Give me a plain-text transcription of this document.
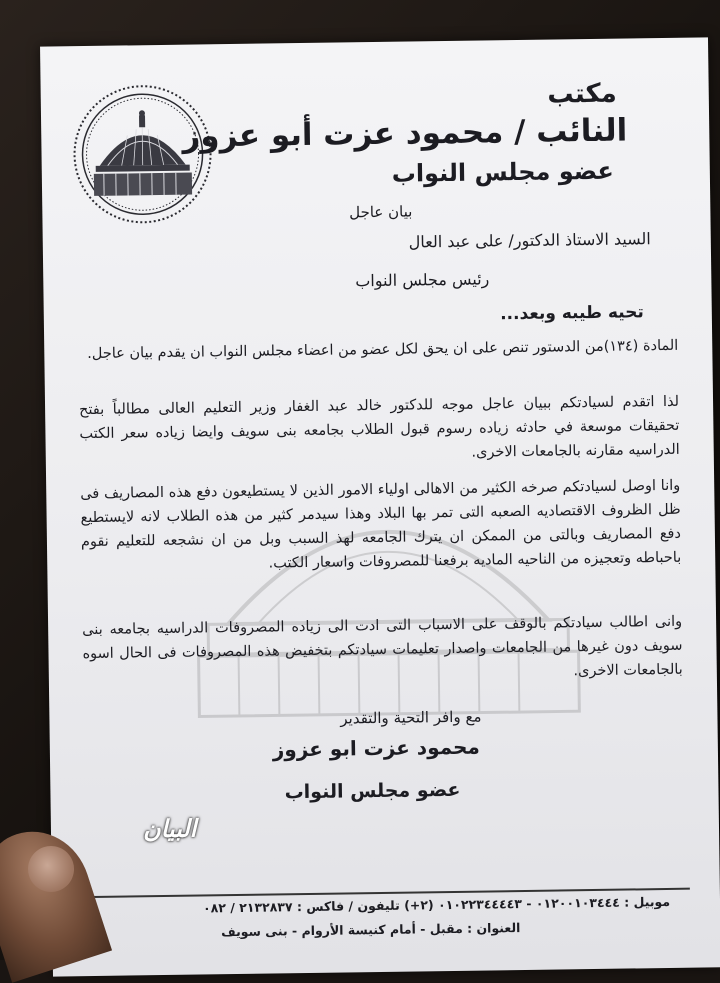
مكتب
النائب / محمود عزت أبو عزوز
عضو مجلس النواب
بيان عاجل
السيد الاستاذ الدكتور/ على عبد العال
رئيس مجلس النواب
تحيه طيبه وبعد...
المادة (١٣٤)من الدستور تنص على ان يحق لكل عضو من اعضاء مجلس النواب ان يقدم بيان عاجل.
لذا اتقدم لسيادتكم ببيان عاجل موجه للدكتور خالد عبد الغفار وزير التعليم العالى مطالباً بفتح تحقيقات موسعة في حادثه زياده رسوم قبول الطلاب بجامعه بنى سويف وايضا زياده سعر الكتب الدراسيه مقارنه بالجامعات الاخرى.
وانا اوصل لسيادتكم صرخه الكثير من الاهالى اولياء الامور الذين لا يستطيعون دفع هذه المصاريف فى ظل الظروف الاقتصاديه الصعبه التى تمر بها البلاد وهذا سيدمر كثير من هذه الطلاب لانه لايستطيع دفع المصاريف وبالتى من الممكن ان يترك الجامعه لهذ السبب وبل من ان نشجعه للتعليم نقوم باحباطه وتعجيزه من الناحيه الماديه برفعنا للمصروفات واسعار الكتب.
وانى اطالب سيادتكم بالوقف على الاسباب التى ادت الى زياده المصروفات الدراسيه بجامعه بنى سويف دون غيرها من الجامعات واصدار تعليمات سيادتكم بتخفيض هذه المصروفات فى الحال اسوه بالجامعات الاخرى.
مع وافر التحية والتقدير
محمود عزت ابو عزوز
عضو مجلس النواب
البيان
موبيل : ٠١٢٠٠١٠٣٤٤٤ - ٠١٠٢٢٣٤٤٤٤٣ (٢+) تليفون / فاكس : ٢١٣٢٨٣٧ / ٠٨٢
العنوان : مقبل - أمام كنيسة الأروام - بنى سويف
